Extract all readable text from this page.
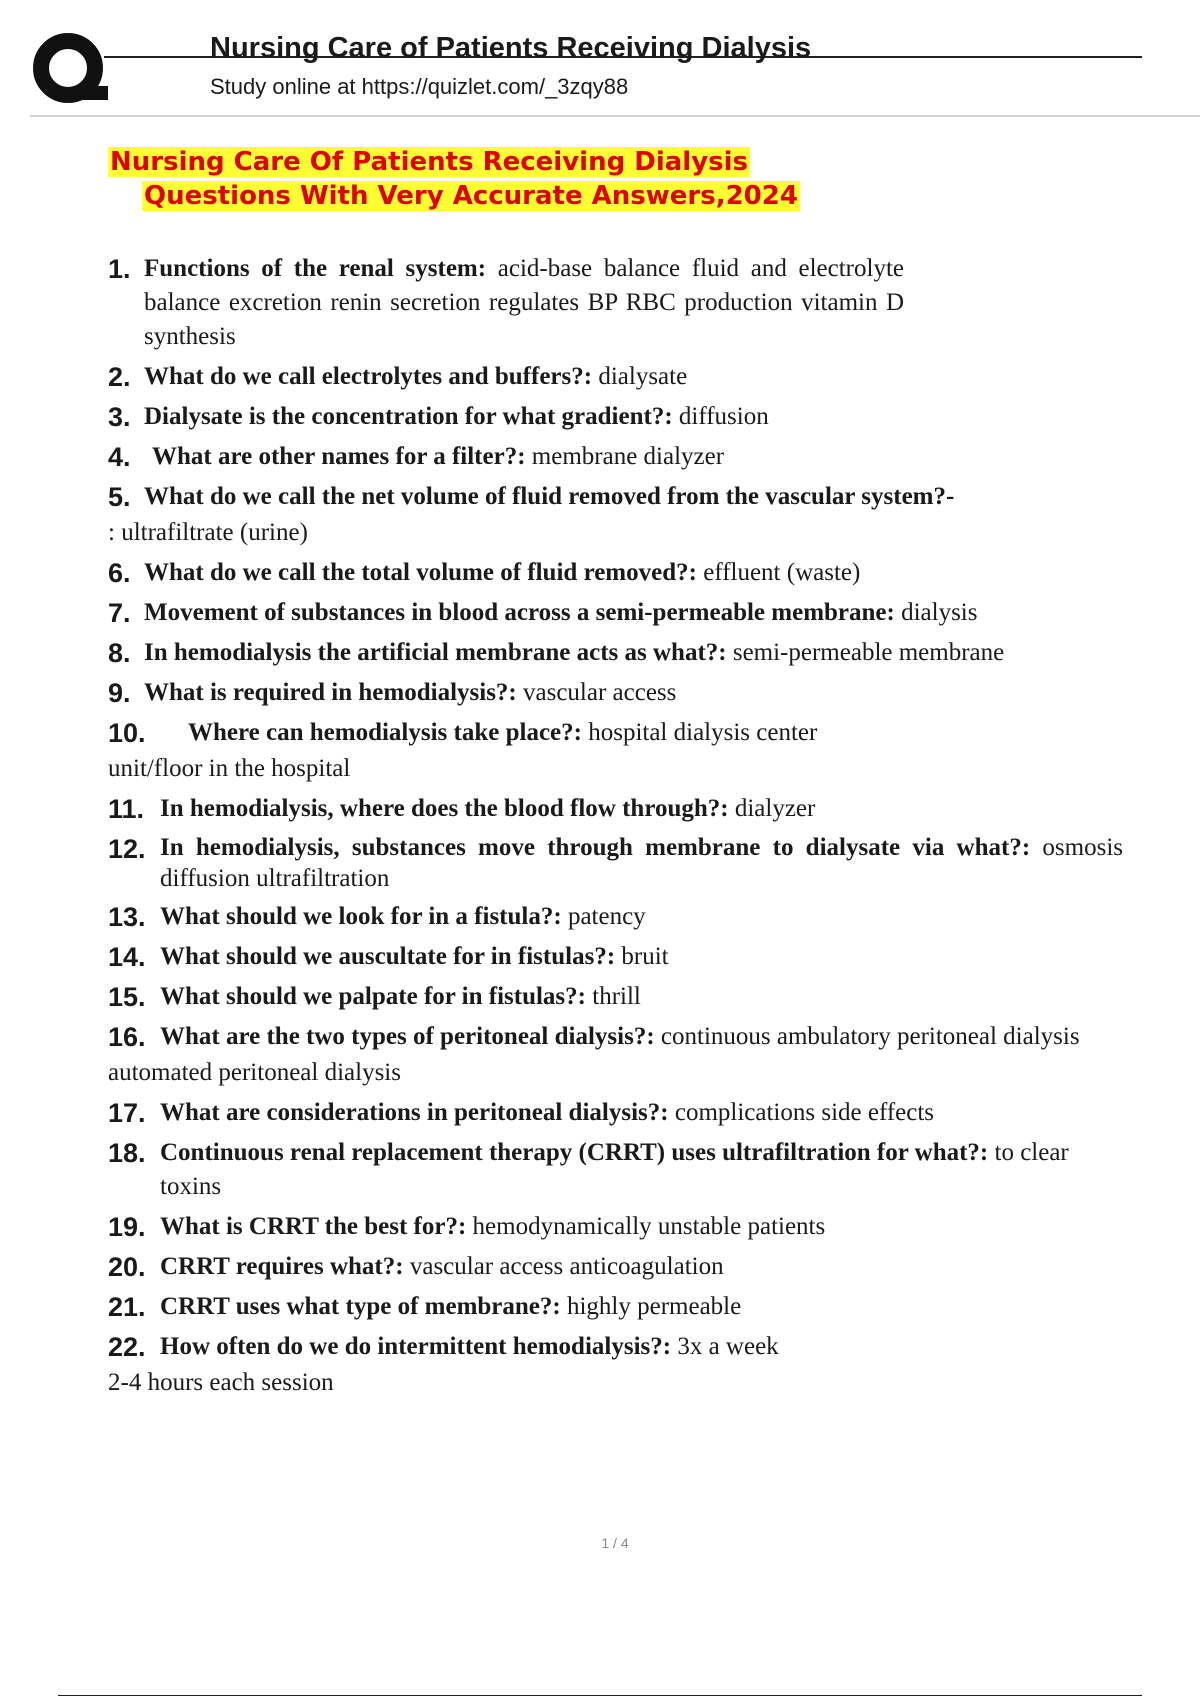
Nursing Care of Patients Receiving Dialysis
Study online at https://quizlet.com/_3zqy88
Nursing Care Of Patients Receiving Dialysis
Questions With Very Accurate Answers,2024
1. Functions of the renal system: acid-base balance fluid and electrolyte balance excretion renin secretion regulates BP RBC production vitamin D synthesis
2. What do we call electrolytes and buffers?: dialysate
3. Dialysate is the concentration for what gradient?: diffusion
4. What are other names for a filter?: membrane dialyzer
5. What do we call the net volume of fluid removed from the vascular system?-
: ultrafiltrate (urine)
6. What do we call the total volume of fluid removed?: effluent (waste)
7. Movement of substances in blood across a semi-permeable membrane: dialysis
8. In hemodialysis the artificial membrane acts as what?: semi-permeable membrane
9. What is required in hemodialysis?: vascular access
10.	Where can hemodialysis take place?: hospital dialysis center
unit/floor in the hospital
11. In hemodialysis, where does the blood flow through?: dialyzer
12. In hemodialysis, substances move through membrane to dialysate via what?: osmosis diffusion ultrafiltration
13. What should we look for in a fistula?: patency
14. What should we auscultate for in fistulas?: bruit
15. What should we palpate for in fistulas?: thrill
16. What are the two types of peritoneal dialysis?: continuous ambulatory peritoneal dialysis
automated peritoneal dialysis
17. What are considerations in peritoneal dialysis?: complications side effects
18. Continuous renal replacement therapy (CRRT) uses ultrafiltration for what?: to clear toxins
19. What is CRRT the best for?: hemodynamically unstable patients
20. CRRT requires what?: vascular access anticoagulation
21. CRRT uses what type of membrane?: highly permeable
22. How often do we do intermittent hemodialysis?: 3x a week
2-4 hours each session
1 / 4
